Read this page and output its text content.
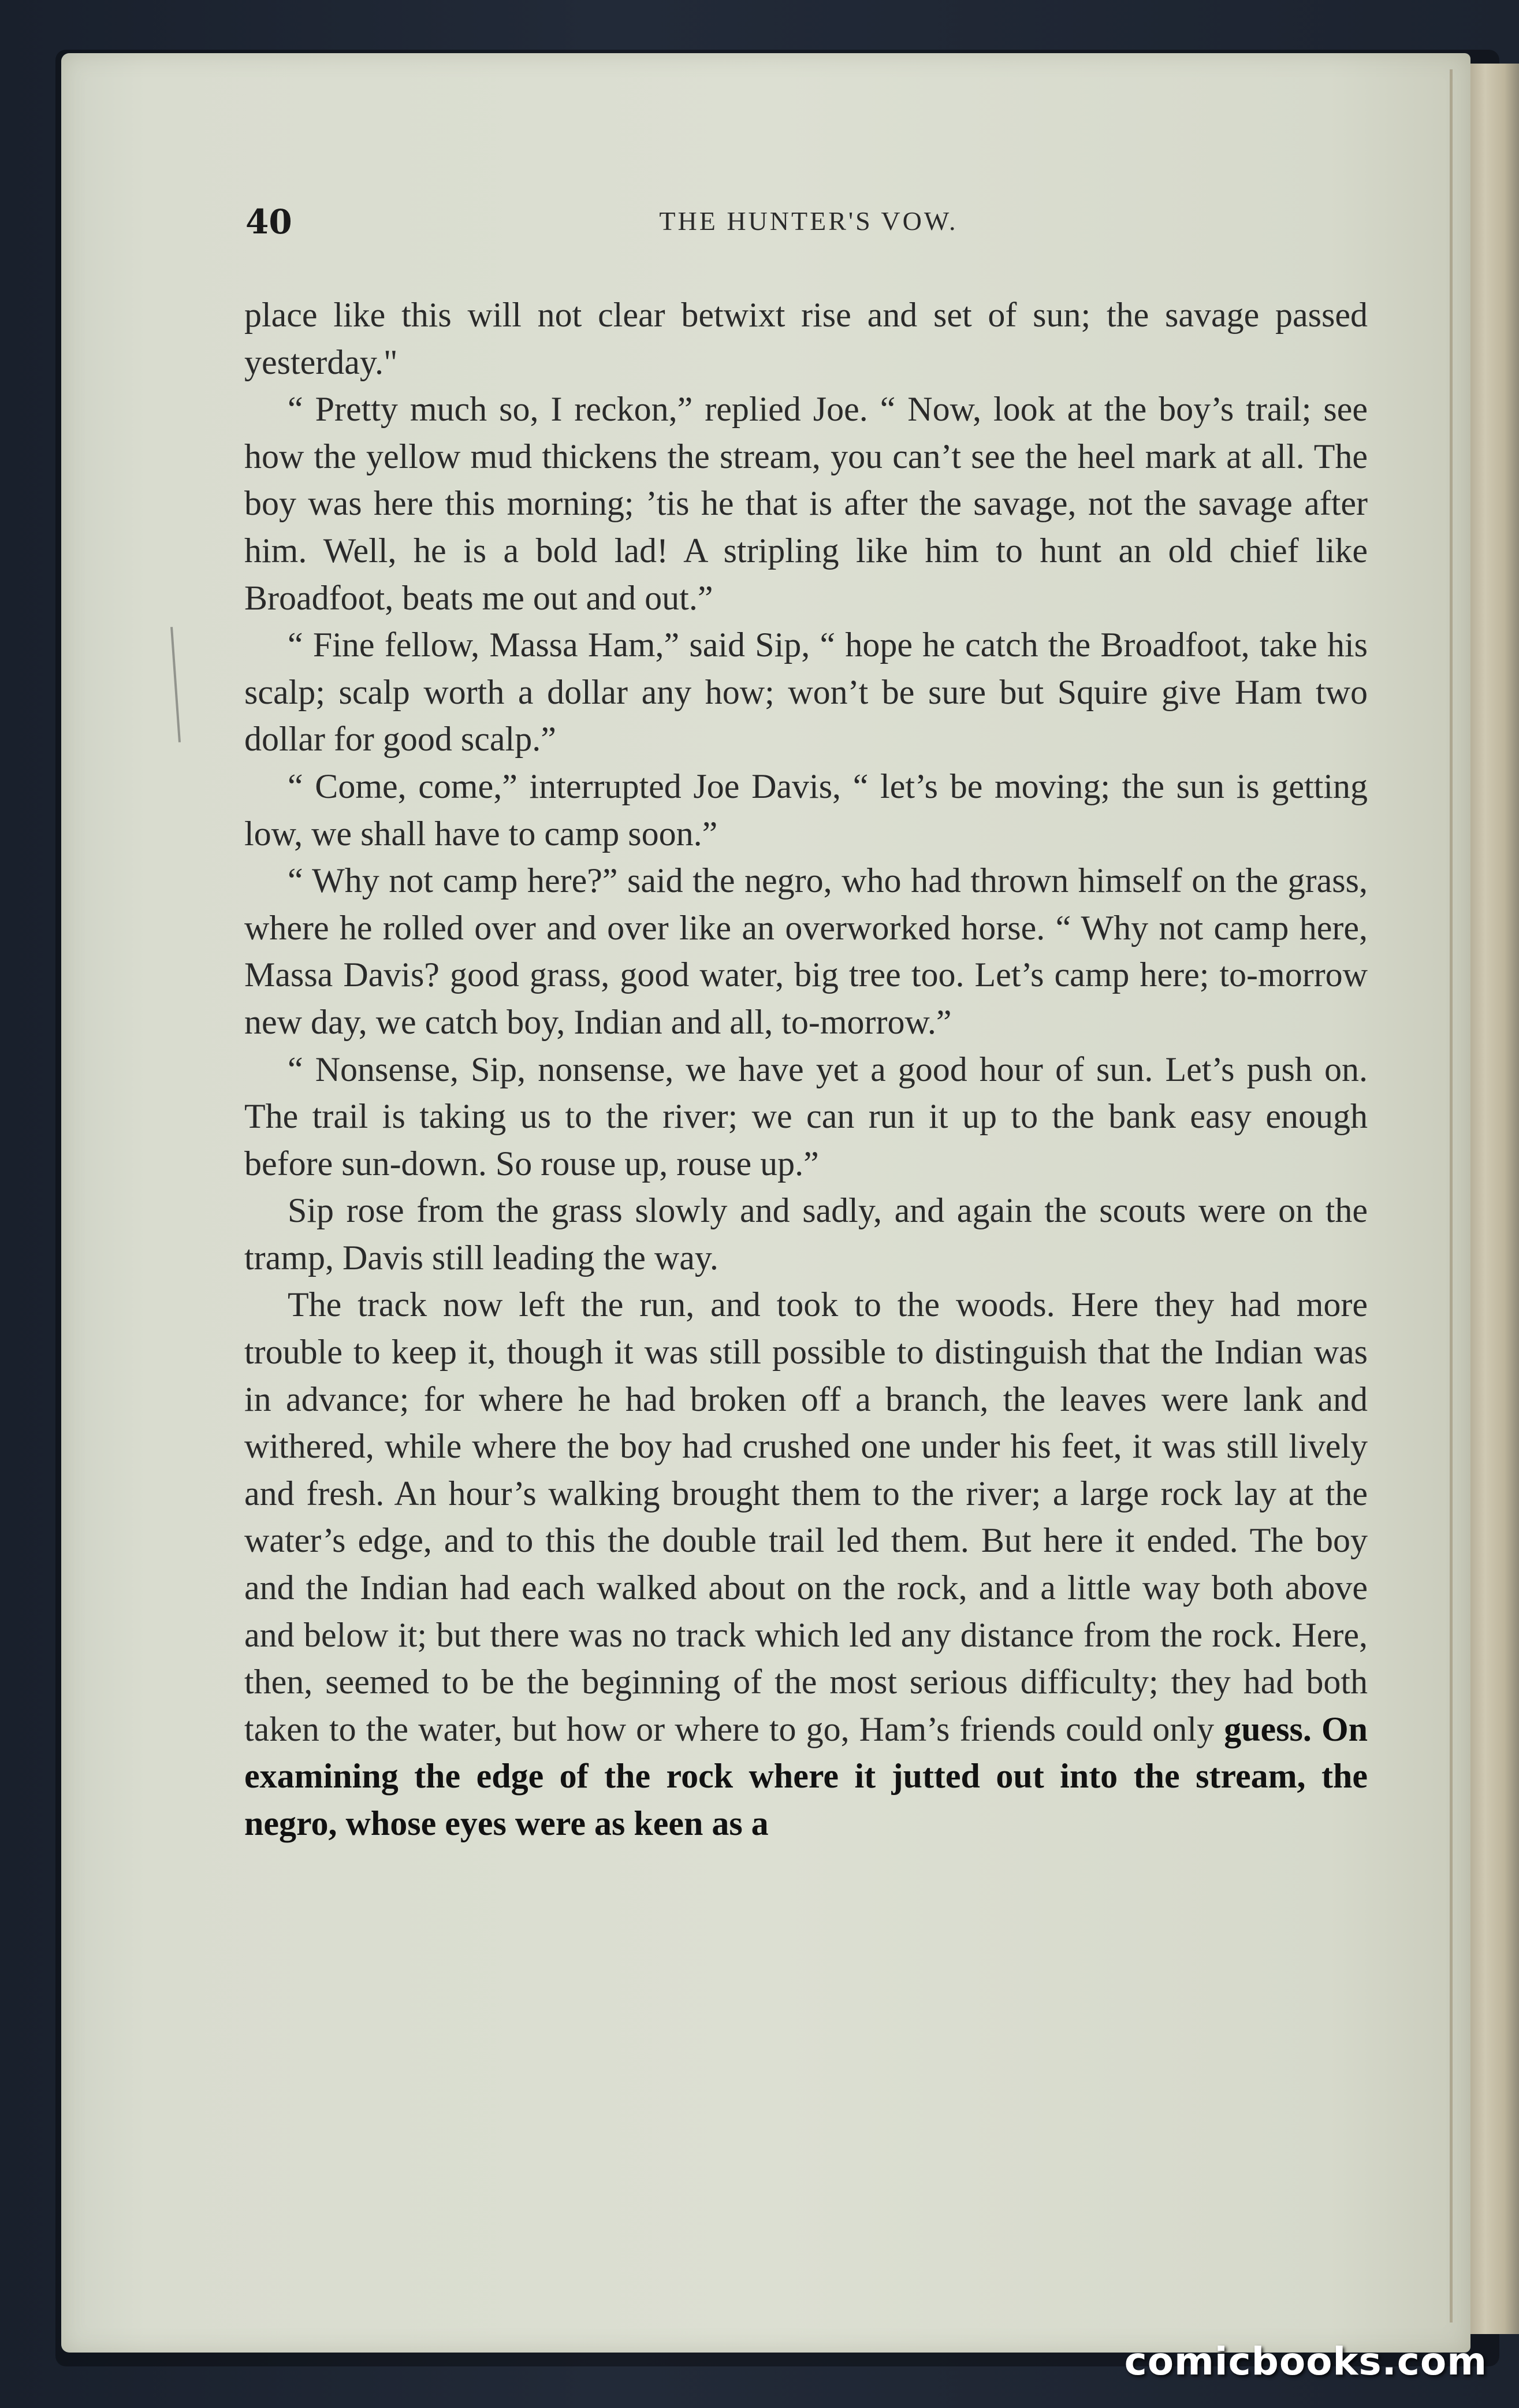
40	THE HUNTER'S VOW.

place like this will not clear betwixt rise and set of sun; the savage passed yesterday."

“ Pretty much so, I reckon,” replied Joe. “ Now, look at the boy’s trail; see how the yellow mud thickens the stream, you can’t see the heel mark at all. The boy was here this morning; ’tis he that is after the savage, not the savage after him. Well, he is a bold lad! A stripling like him to hunt an old chief like Broadfoot, beats me out and out.”

“ Fine fellow, Massa Ham,” said Sip, “ hope he catch the Broadfoot, take his scalp; scalp worth a dollar any how; won’t be sure but Squire give Ham two dollar for good scalp.”

“ Come, come,” interrupted Joe Davis, “ let’s be moving; the sun is getting low, we shall have to camp soon.”

“ Why not camp here?” said the negro, who had thrown himself on the grass, where he rolled over and over like an overworked horse. “ Why not camp here, Massa Davis? good grass, good water, big tree too. Let’s camp here; to-morrow new day, we catch boy, Indian and all, to-morrow.”

“ Nonsense, Sip, nonsense, we have yet a good hour of sun. Let’s push on. The trail is taking us to the river; we can run it up to the bank easy enough before sun-down. So rouse up, rouse up.”

Sip rose from the grass slowly and sadly, and again the scouts were on the tramp, Davis still leading the way.

The track now left the run, and took to the woods. Here they had more trouble to keep it, though it was still possible to distinguish that the Indian was in advance; for where he had broken off a branch, the leaves were lank and withered, while where the boy had crushed one under his feet, it was still lively and fresh. An hour’s walking brought them to the river; a large rock lay at the water’s edge, and to this the double trail led them. But here it ended. The boy and the Indian had each walked about on the rock, and a little way both above and below it; but there was no track which led any distance from the rock. Here, then, seemed to be the beginning of the most serious difficulty; they had both taken to the water, but how or where to go, Ham’s friends could only guess. On examining the edge of the rock where it jutted out into the stream, the negro, whose eyes were as keen as a

comicbooks.com
